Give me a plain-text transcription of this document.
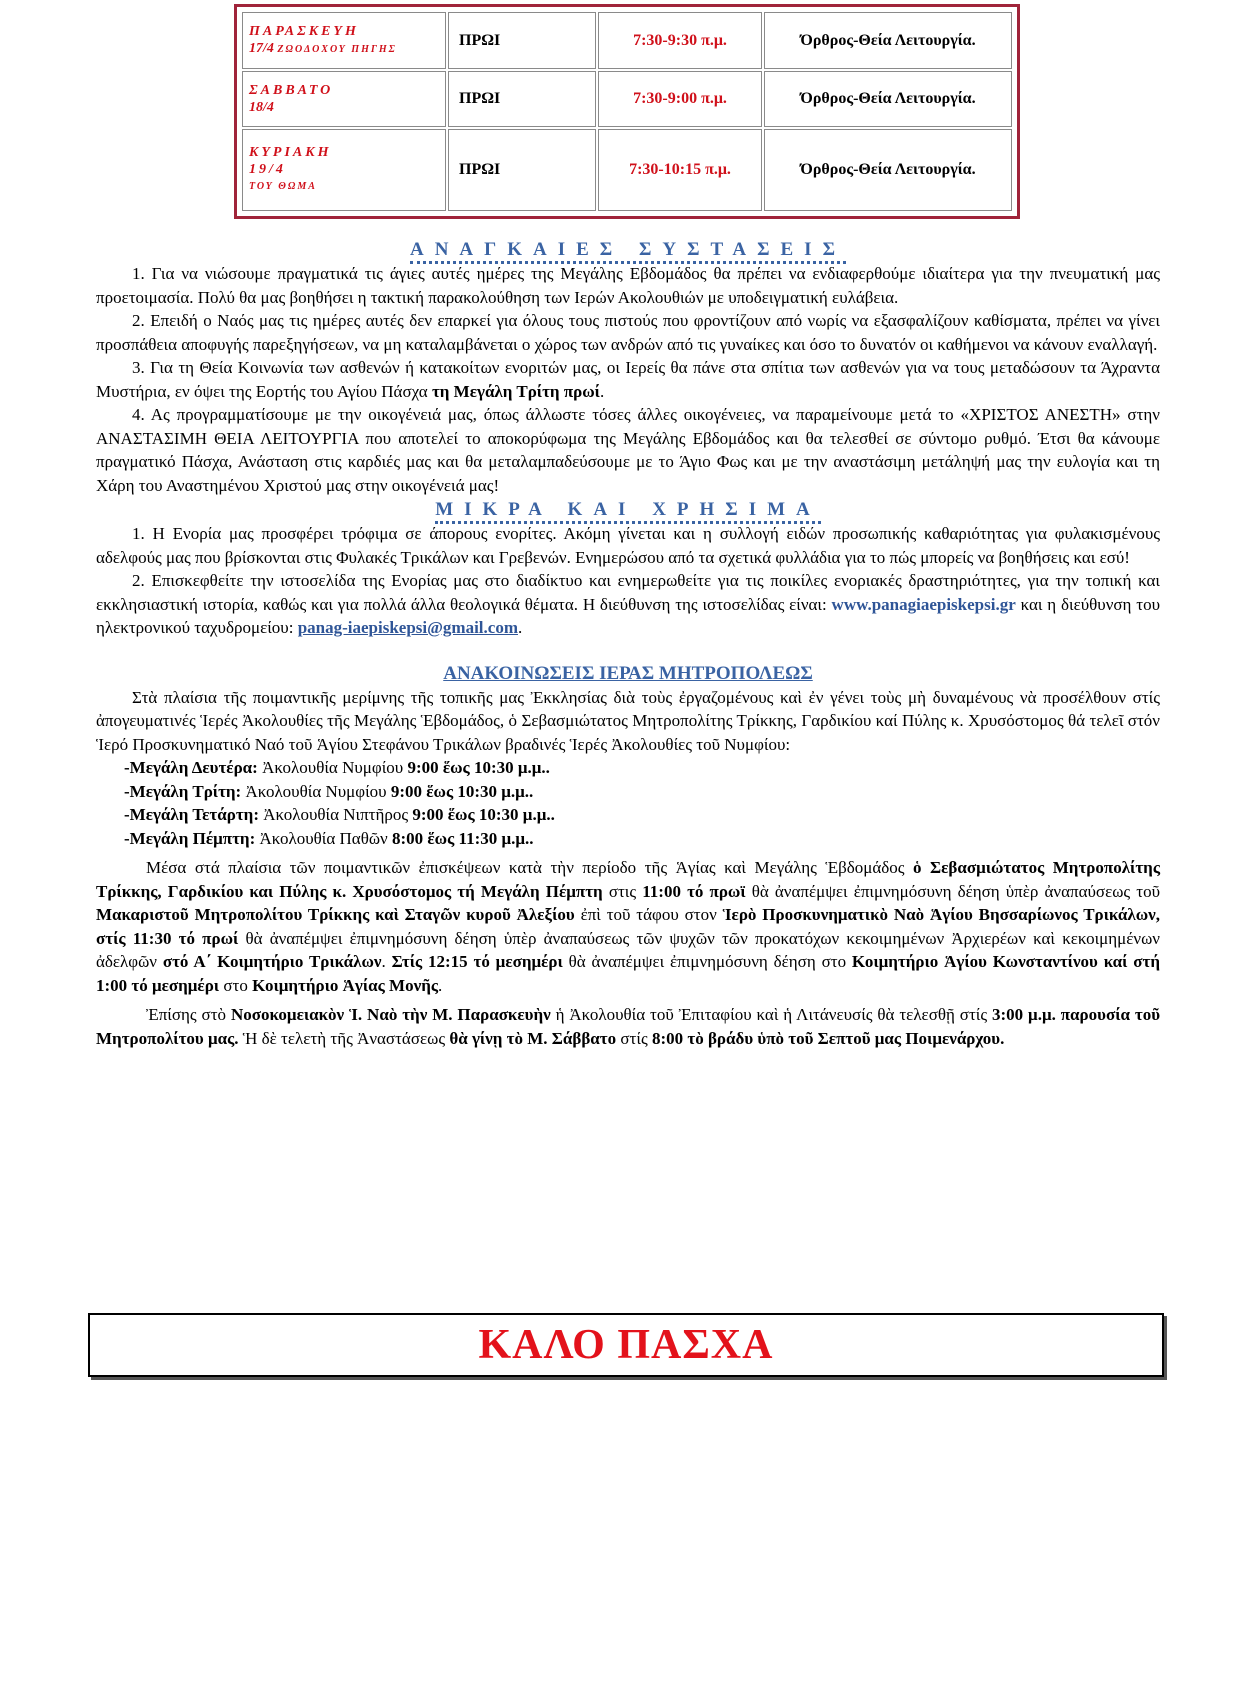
ΠΑΡΑΣΚΕΥΗ
17/4 ΖΩΟΔΟΧΟΥ ΠΗΓΗΣ	ΠΡΩΙ	7:30-9:30 π.μ.	Όρθρος-Θεία Λειτουργία.

ΣΑΒΒΑΤΟ
18/4	ΠΡΩΙ	7:30-9:00 π.μ.	Όρθρος-Θεία Λειτουργία.

ΚΥΡΙΑΚΗ
19/4
ΤΟΥ ΘΩΜΑ	ΠΡΩΙ	7:30-10:15 π.μ.	Όρθρος-Θεία Λειτουργία.
ΑΝΑΓΚΑΙΕΣ ΣΥΣΤΑΣΕΙΣ

1. Για να νιώσουμε πραγματικά τις άγιες αυτές ημέρες της Μεγάλης Εβδομάδος θα πρέπει να ενδιαφερθούμε ιδιαίτερα για την πνευματική μας προετοιμασία. Πολύ θα μας βοηθήσει η τακτική παρακολούθηση των Ιερών Ακολουθιών με υποδειγματική ευλάβεια.

2. Επειδή ο Ναός μας τις ημέρες αυτές δεν επαρκεί για όλους τους πιστούς που φροντίζουν από νωρίς να εξασφαλίζουν καθίσματα, πρέπει να γίνει προσπάθεια αποφυγής παρεξηγήσεων, να μη καταλαμβάνεται ο χώρος των ανδρών από τις γυναίκες και όσο το δυνατόν οι καθήμενοι να κάνουν εναλλαγή.

3. Για τη Θεία Κοινωνία των ασθενών ή κατακοίτων ενοριτών μας, οι Ιερείς θα πάνε στα σπίτια των ασθενών για να τους μεταδώσουν τα Άχραντα Μυστήρια, εν όψει της Εορτής του Αγίου Πάσχα τη Μεγάλη Τρίτη πρωί.

4. Ας προγραμματίσουμε με την οικογένειά μας, όπως άλλωστε τόσες άλλες οικογένειες, να παραμείνουμε μετά το «ΧΡΙΣΤΟΣ ΑΝΕΣΤΗ» στην ΑΝΑΣΤΑΣΙΜΗ ΘΕΙΑ ΛΕΙΤΟΥΡΓΙΑ που αποτελεί το αποκορύφωμα της Μεγάλης Εβδομάδος και θα τελεσθεί σε σύντομο ρυθμό. Έτσι θα κάνουμε πραγματικό Πάσχα, Ανάσταση στις καρδιές μας και θα μεταλαμπαδεύσουμε με το Άγιο Φως και με την αναστάσιμη μετάληψή μας την ευλογία και τη Χάρη του Αναστημένου Χριστού μας στην οικογένειά μας!

ΜΙΚΡΑ ΚΑΙ ΧΡΗΣΙΜΑ

1. Η Ενορία μας προσφέρει τρόφιμα σε άπορους ενορίτες. Ακόμη γίνεται και η συλλογή ειδών προσωπικής καθαριότητας για φυλακισμένους αδελφούς μας που βρίσκονται στις Φυλακές Τρικάλων και Γρεβενών. Ενημερώσου από τα σχετικά φυλλάδια για το πώς μπορείς να βοηθήσεις και εσύ!

2. Επισκεφθείτε την ιστοσελίδα της Ενορίας μας στο διαδίκτυο και ενημερωθείτε για τις ποικίλες ενοριακές δραστηριότητες, για την τοπική και εκκλησιαστική ιστορία, καθώς και για πολλά άλλα θεολογικά θέματα. Η διεύθυνση της ιστοσελίδας είναι: www.panagiaepiskepsi.gr και η διεύθυνση του ηλεκτρονικού ταχυδρομείου: panag-iaepiskepsi@gmail.com.

ΑΝΑΚΟΙΝΩΣΕΙΣ ΙΕΡΑΣ ΜΗΤΡΟΠΟΛΕΩΣ

Στὰ πλαίσια τῆς ποιμαντικῆς μερίμνης τῆς τοπικῆς μας Ἐκκλησίας διὰ τοὺς ἐργαζομένους καὶ ἐν γένει τοὺς μὴ δυναμένους νὰ προσέλθουν στίς ἀπογευματινές Ἱερές Ἀκολουθίες τῆς Μεγάλης Ἑβδομάδος, ὁ Σεβασμιώτατος Μητροπολίτης Τρίκκης, Γαρδικίου καί Πύλης κ. Χρυσόστομος θά τελεῖ στόν Ἱερό Προσκυνηματικό Ναό τοῦ Ἁγίου Στεφάνου Τρικάλων βραδινές Ἱερές Ἀκολουθίες τοῦ Νυμφίου:

-Μεγάλη Δευτέρα: Ἀκολουθία Νυμφίου 9:00 ἕως 10:30 μ.μ..
-Μεγάλη Τρίτη: Ἀκολουθία Νυμφίου 9:00 ἕως 10:30 μ.μ..
-Μεγάλη Τετάρτη: Ἀκολουθία Νιπτῆρος 9:00 ἕως 10:30 μ.μ..
-Μεγάλη Πέμπτη: Ἀκολουθία Παθῶν 8:00 ἕως 11:30 μ.μ..

Μέσα στά πλαίσια τῶν ποιμαντικῶν ἐπισκέψεων κατὰ τὴν περίοδο τῆς Ἁγίας καὶ Μεγάλης Ἑβδομάδος ὁ Σεβασμιώτατος Μητροπολίτης Τρίκκης, Γαρδικίου και Πύλης κ. Χρυσόστομος τή Μεγάλη Πέμπτη στις 11:00 τό πρωϊ θὰ ἀναπέμψει ἐπιμνημόσυνη δέηση ὑπὲρ ἀναπαύσεως τοῦ Μακαριστοῦ Μητροπολίτου Τρίκκης καὶ Σταγῶν κυροῦ Ἀλεξίου ἐπὶ τοῦ τάφου στον Ἱερὸ Προσκυνηματικὸ Ναὸ Ἁγίου Βησσαρίωνος Τρικάλων, στίς 11:30 τό πρωί θὰ ἀναπέμψει ἐπιμνημόσυνη δέηση ὑπὲρ ἀναπαύσεως τῶν ψυχῶν τῶν προκατόχων κεκοιμημένων Ἀρχιερέων καὶ κεκοιμημένων ἀδελφῶν στό Α΄ Κοιμητήριο Τρικάλων. Στίς 12:15 τό μεσημέρι θὰ ἀναπέμψει ἐπιμνημόσυνη δέηση στο Κοιμητήριο Ἁγίου Κωνσταντίνου καί στή 1:00 τό μεσημέρι στο Κοιμητήριο Ἁγίας Μονῆς.

Ἐπίσης στὸ Νοσοκομειακὸν Ἱ. Ναὸ τὴν Μ. Παρασκευὴν ἡ Ἀκολουθία τοῦ Ἐπιταφίου καὶ ἡ Λιτάνευσίς θὰ τελεσθῇ στίς 3:00 μ.μ. παρουσία τοῦ Μητροπολίτου μας. Ἡ δὲ τελετὴ τῆς Ἀναστάσεως θὰ γίνῃ τὸ Μ. Σάββατο στίς 8:00 τὸ βράδυ ὑπὸ τοῦ Σεπτοῦ μας Ποιμενάρχου.

ΚΑΛΟ ΠΑΣΧΑ
